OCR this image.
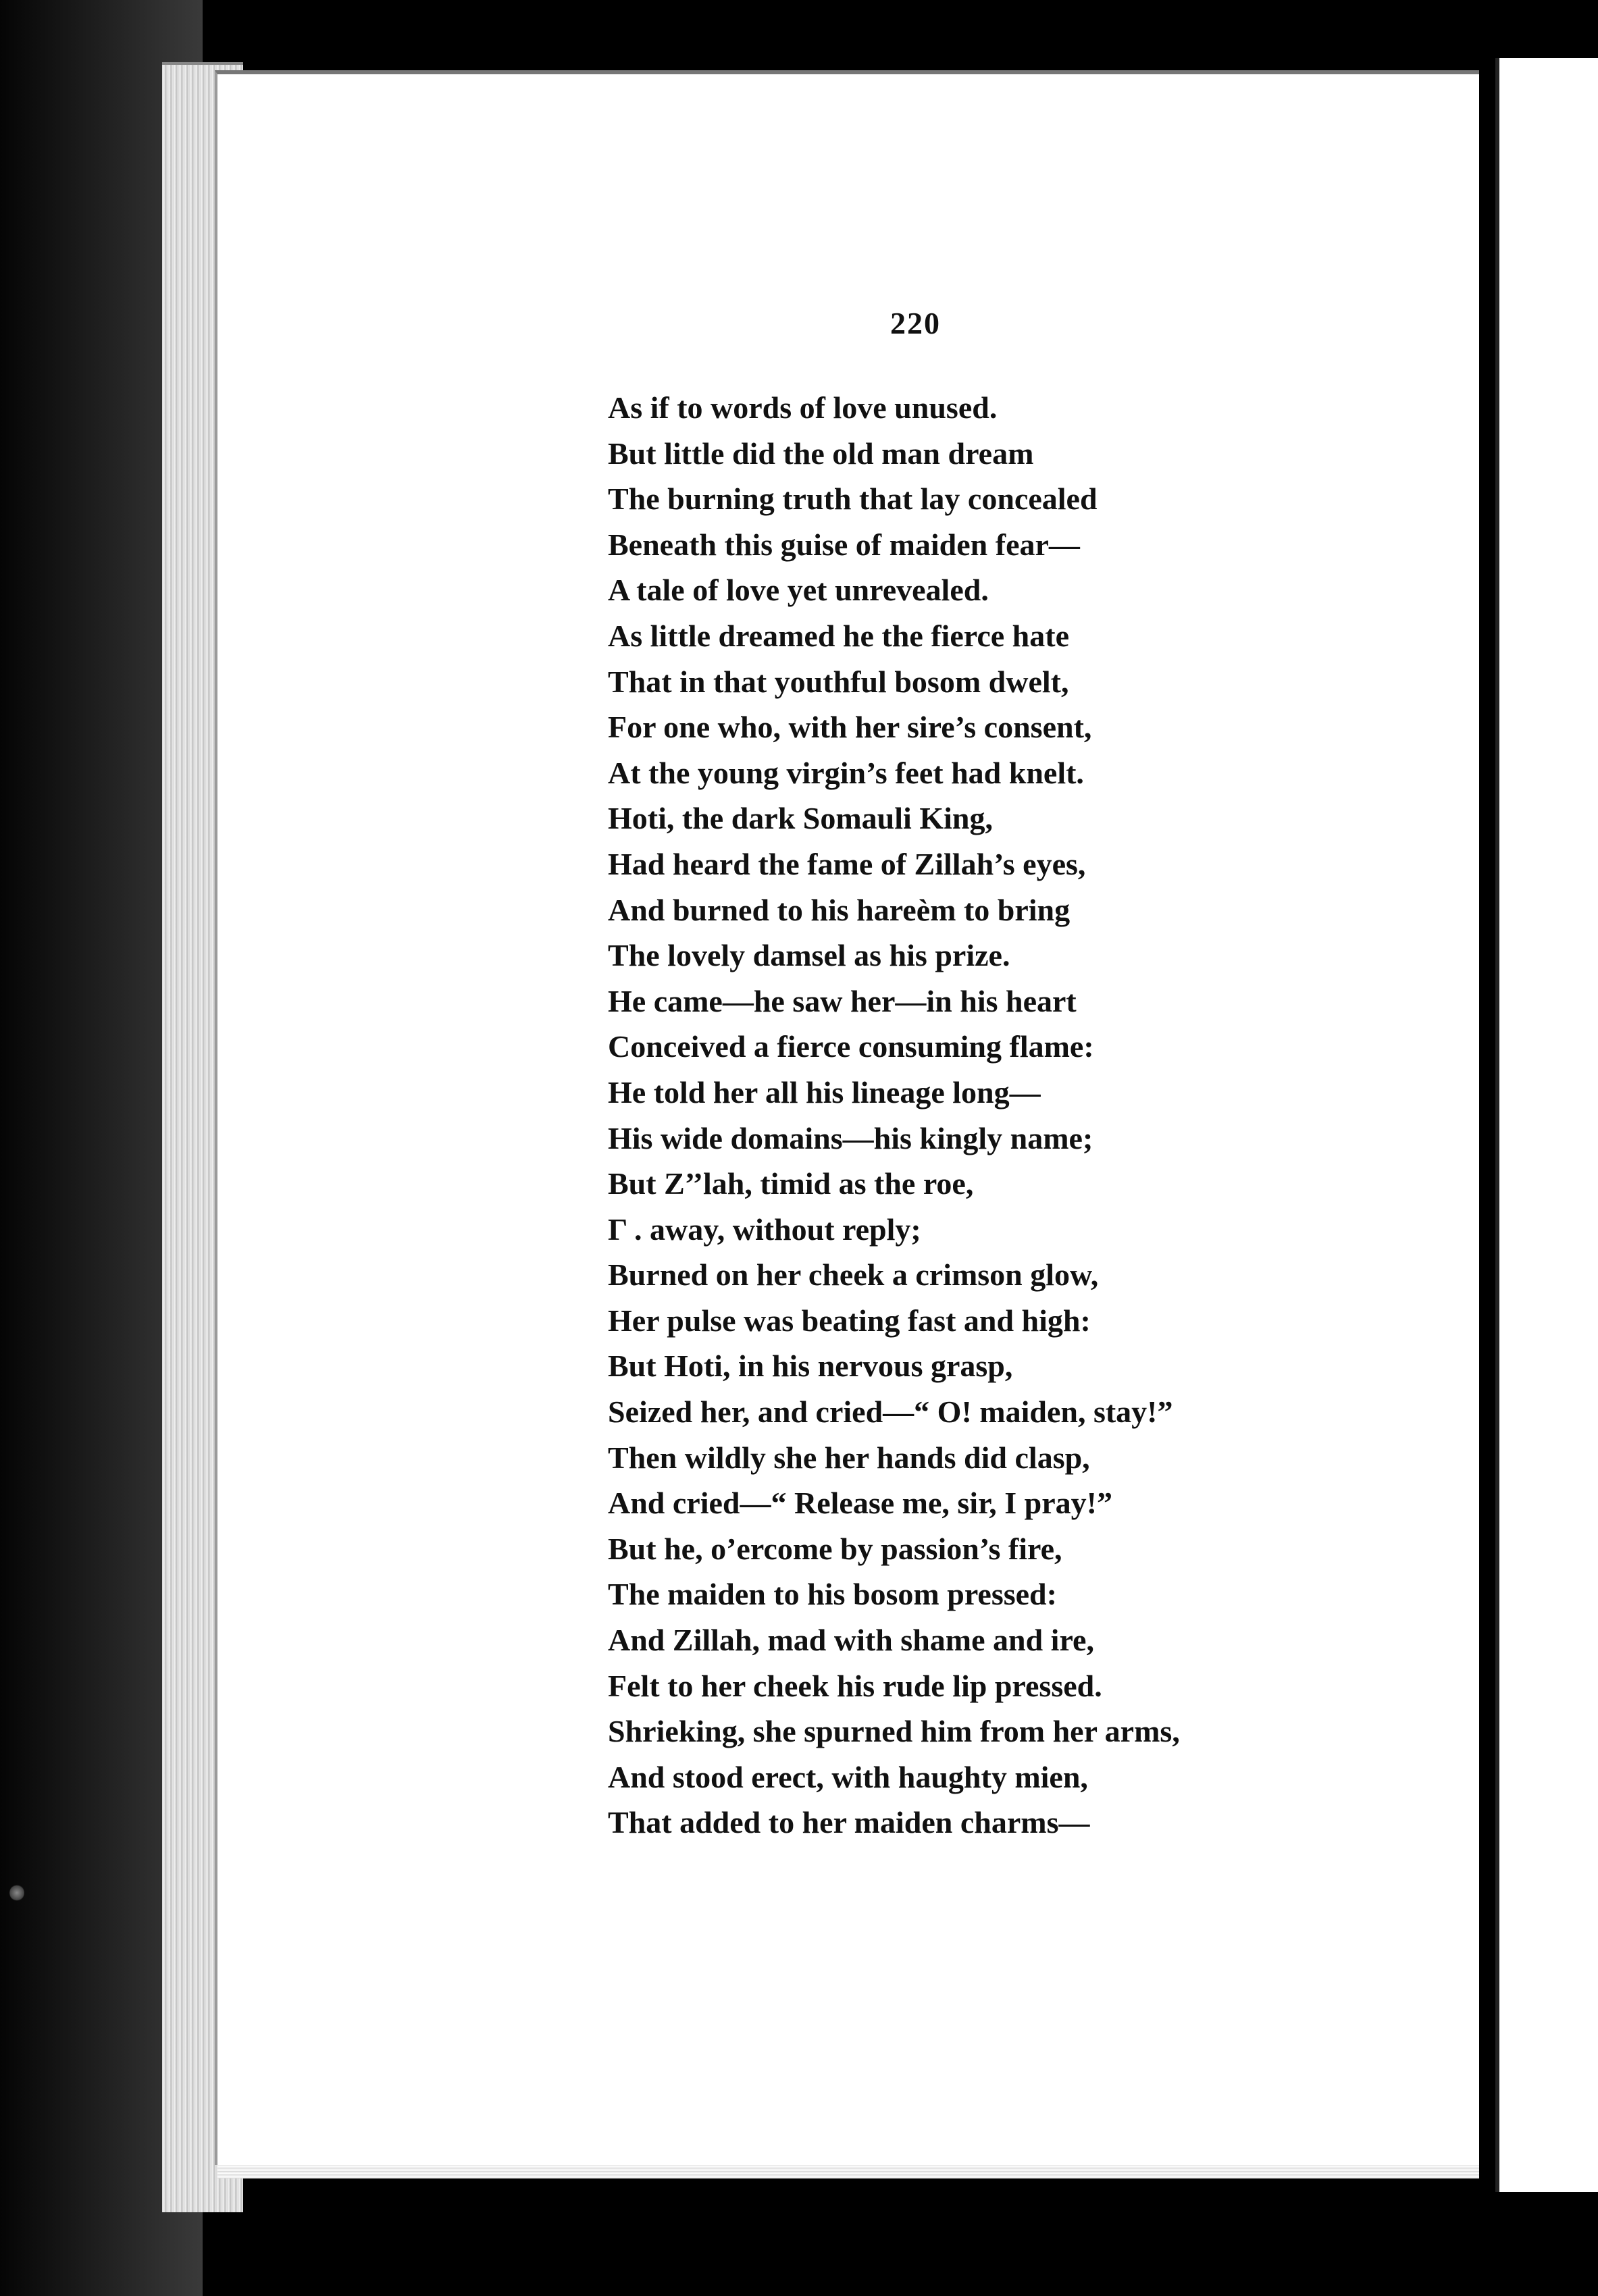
220

As if to words of love unused.
But little did the old man dream
The burning truth that lay concealed
Beneath this guise of maiden fear—
A tale of love yet unrevealed.
As little dreamed he the fierce hate
That in that youthful bosom dwelt,
For one who, with her sire’s consent,
At the young virgin’s feet had knelt.
Hoti, the dark Somauli King,
Had heard the fame of Zillah’s eyes,
And burned to his hareèm to bring
The lovely damsel as his prize.
He came—he saw her—in his heart
Conceived a fierce consuming flame:
He told her all his lineage long—
His wide domains—his kingly name;
But Z’’lah, timid as the roe,
Γ . away, without reply;
Burned on her cheek a crimson glow,
Her pulse was beating fast and high:
But Hoti, in his nervous grasp,
Seized her, and cried—“ O! maiden, stay!”
Then wildly she her hands did clasp,
And cried—“ Release me, sir, I pray!”
But he, o’ercome by passion’s fire,
The maiden to his bosom pressed:
And Zillah, mad with shame and ire,
Felt to her cheek his rude lip pressed.
Shrieking, she spurned him from her arms,
And stood erect, with haughty mien,
That added to her maiden charms—
